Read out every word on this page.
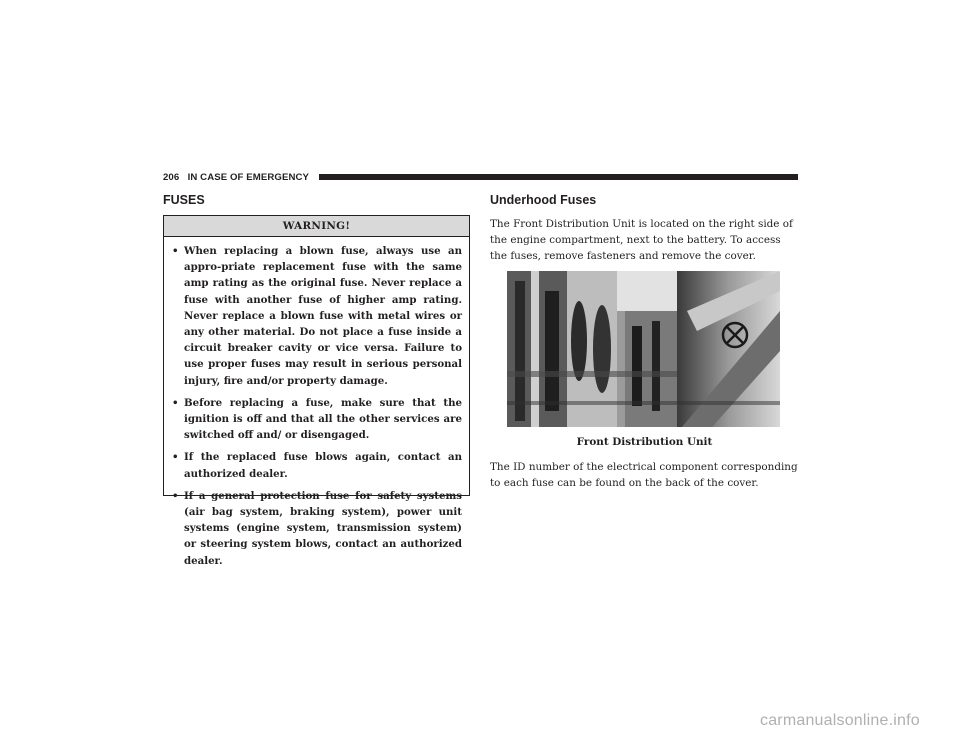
206 IN CASE OF EMERGENCY
FUSES
WARNING!
• When replacing a blown fuse, always use an appro-priate replacement fuse with the same amp rating as the original fuse. Never replace a fuse with another fuse of higher amp rating. Never replace a blown fuse with metal wires or any other material. Do not place a fuse inside a circuit breaker cavity or vice versa. Failure to use proper fuses may result in serious personal injury, fire and/or property damage.
• Before replacing a fuse, make sure that the ignition is off and that all the other services are switched off and/ or disengaged.
• If the replaced fuse blows again, contact an authorized dealer.
• If a general protection fuse for safety systems (air bag system, braking system), power unit systems (engine system, transmission system) or steering system blows, contact an authorized dealer.
Underhood Fuses
The Front Distribution Unit is located on the right side of the engine compartment, next to the battery. To access the fuses, remove fasteners and remove the cover.
Front Distribution Unit
The ID number of the electrical component corresponding to each fuse can be found on the back of the cover.
carmanualsonline.info
